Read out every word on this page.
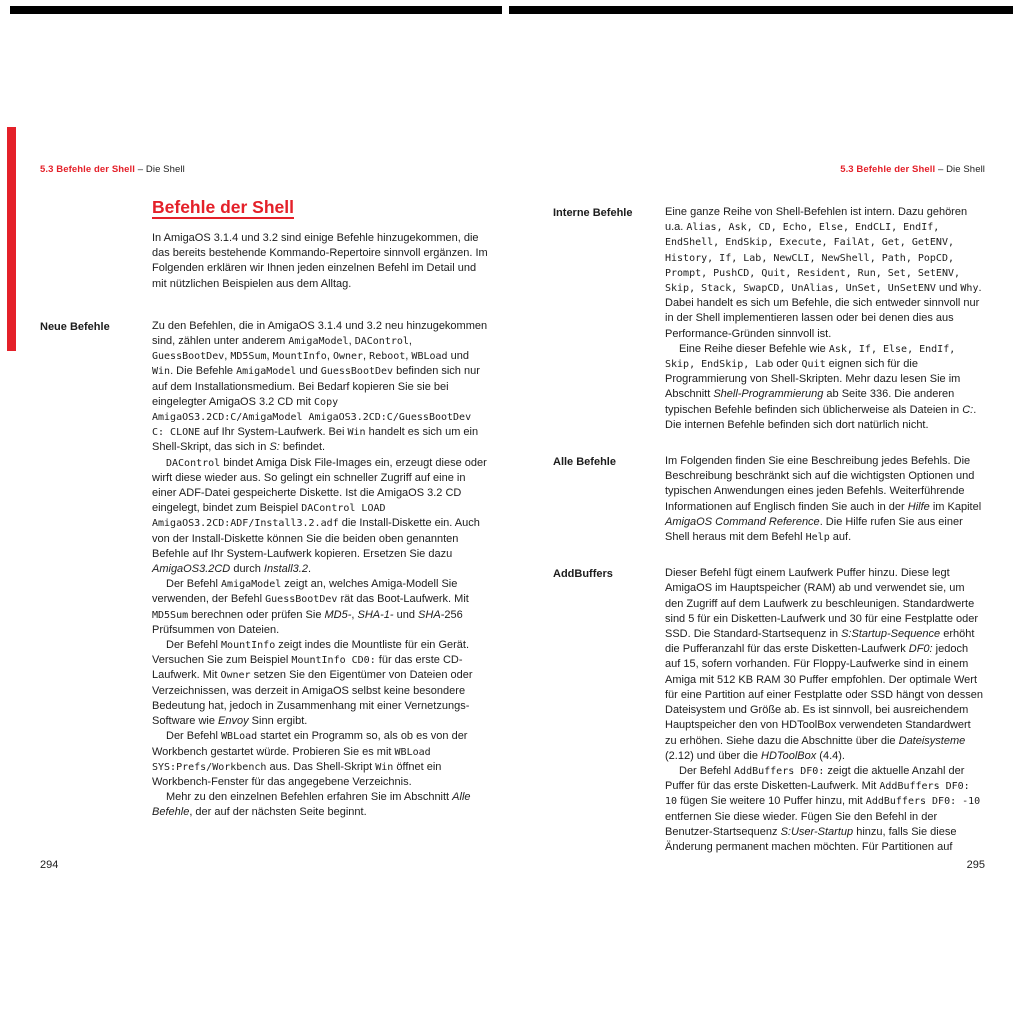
5.3 Befehle der Shell – Die Shell	5.3 Befehle der Shell – Die Shell
Befehle der Shell

In AmigaOS 3.1.4 und 3.2 sind einige Befehle hinzugekommen, die das bereits bestehende Kommando-Repertoire sinnvoll ergänzen. Im Folgenden erklären wir Ihnen jeden einzelnen Befehl im Detail und mit nützlichen Beispielen aus dem Alltag.

Neue Befehle	Zu den Befehlen, die in AmigaOS 3.1.4 und 3.2 neu hinzugekommen sind, zählen unter anderem AmigaModel, DAControl, GuessBootDev, MD5Sum, MountInfo, Owner, Reboot, WBLoad und Win. Die Befehle AmigaModel und GuessBootDev befinden sich nur auf dem Installationsmedium. Bei Bedarf kopieren Sie sie bei eingelegter AmigaOS 3.2 CD mit Copy AmigaOS3.2CD:C/AmigaModel AmigaOS3.2CD:C/GuessBootDev C: CLONE auf Ihr System-Laufwerk. Bei Win handelt es sich um ein Shell-Skript, das sich in S: befindet.

DAControl bindet Amiga Disk File-Images ein, erzeugt diese oder wirft diese wieder aus. So gelingt ein schneller Zugriff auf eine in einer ADF-Datei gespeicherte Diskette. Ist die AmigaOS 3.2 CD eingelegt, bindet zum Beispiel DAControl LOAD AmigaOS3.2CD:ADF/Install3.2.adf die Install-Diskette ein. Auch von der Install-Diskette können Sie die beiden oben genannten Befehle auf Ihr System-Laufwerk kopieren. Ersetzen Sie dazu AmigaOS3.2CD durch Install3.2.

Der Befehl AmigaModel zeigt an, welches Amiga-Modell Sie verwenden, der Befehl GuessBootDev rät das Boot-Laufwerk. Mit MD5Sum berechnen oder prüfen Sie MD5-, SHA-1- und SHA-256 Prüfsummen von Dateien.

Der Befehl MountInfo zeigt indes die Mountliste für ein Gerät. Versuchen Sie zum Beispiel MountInfo CD0: für das erste CD-Laufwerk. Mit Owner setzen Sie den Eigentümer von Dateien oder Verzeichnissen, was derzeit in AmigaOS selbst keine besondere Bedeutung hat, jedoch in Zusammenhang mit einer Vernetzungs-Software wie Envoy Sinn ergibt.

Der Befehl WBLoad startet ein Programm so, als ob es von der Workbench gestartet würde. Probieren Sie es mit WBLoad SYS:Prefs/Workbench aus. Das Shell-Skript Win öffnet ein Workbench-Fenster für das angegebene Verzeichnis.

Mehr zu den einzelnen Befehlen erfahren Sie im Abschnitt Alle Befehle, der auf der nächsten Seite beginnt.

Interne Befehle	Eine ganze Reihe von Shell-Befehlen ist intern. Dazu gehören u.a. Alias, Ask, CD, Echo, Else, EndCLI, EndIf, EndShell, EndSkip, Execute, FailAt, Get, GetENV, History, If, Lab, NewCLI, NewShell, Path, PopCD, Prompt, PushCD, Quit, Resident, Run, Set, SetENV, Skip, Stack, SwapCD, UnAlias, UnSet, UnSetENV und Why. Dabei handelt es sich um Befehle, die sich entweder sinnvoll nur in der Shell implementieren lassen oder bei denen dies aus Performance-Gründen sinnvoll ist.

Eine Reihe dieser Befehle wie Ask, If, Else, EndIf, Skip, EndSkip, Lab oder Quit eignen sich für die Programmierung von Shell-Skripten. Mehr dazu lesen Sie im Abschnitt Shell-Programmierung ab Seite 336. Die anderen typischen Befehle befinden sich üblicherweise als Dateien in C:. Die internen Befehle befinden sich dort natürlich nicht.

Alle Befehle	Im Folgenden finden Sie eine Beschreibung jedes Befehls. Die Beschreibung beschränkt sich auf die wichtigsten Optionen und typischen Anwendungen eines jeden Befehls. Weiterführende Informationen auf Englisch finden Sie auch in der Hilfe im Kapitel AmigaOS Command Reference. Die Hilfe rufen Sie aus einer Shell heraus mit dem Befehl Help auf.

AddBuffers	Dieser Befehl fügt einem Laufwerk Puffer hinzu. Diese legt AmigaOS im Hauptspeicher (RAM) ab und verwendet sie, um den Zugriff auf dem Laufwerk zu beschleunigen. Standardwerte sind 5 für ein Disketten-Laufwerk und 30 für eine Festplatte oder SSD. Die Standard-Startsequenz in S:Startup-Sequence erhöht die Pufferanzahl für das erste Disketten-Laufwerk DF0: jedoch auf 15, sofern vorhanden. Für Floppy-Laufwerke sind in einem Amiga mit 512 KB RAM 30 Puffer empfohlen. Der optimale Wert für eine Partition auf einer Festplatte oder SSD hängt von dessen Dateisystem und Größe ab. Es ist sinnvoll, bei ausreichendem Hauptspeicher den von HDToolBox verwendeten Standardwert zu erhöhen. Siehe dazu die Abschnitte über die Dateisysteme (2.12) und über die HDToolBox (4.4).

Der Befehl AddBuffers DF0: zeigt die aktuelle Anzahl der Puffer für das erste Disketten-Laufwerk. Mit AddBuffers DF0: 10 fügen Sie weitere 10 Puffer hinzu, mit AddBuffers DF0: -10 entfernen Sie diese wieder. Fügen Sie den Befehl in der Benutzer-Startsequenz S:User-Startup hinzu, falls Sie diese Änderung permanent machen möchten. Für Partitionen auf

294	295
